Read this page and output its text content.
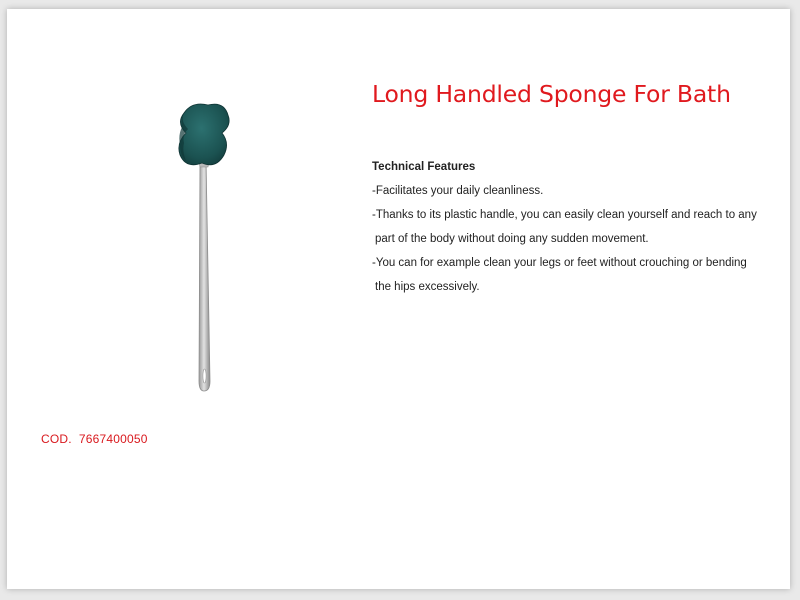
Long Handled Sponge For Bath

Technical Features

-Facilitates your daily cleanliness.

-Thanks to its plastic handle, you can easily clean yourself and reach to any
part of the body without doing any sudden movement.

-You can for example clean your legs or feet without crouching or bending
the hips excessively.

COD. 7667400050
